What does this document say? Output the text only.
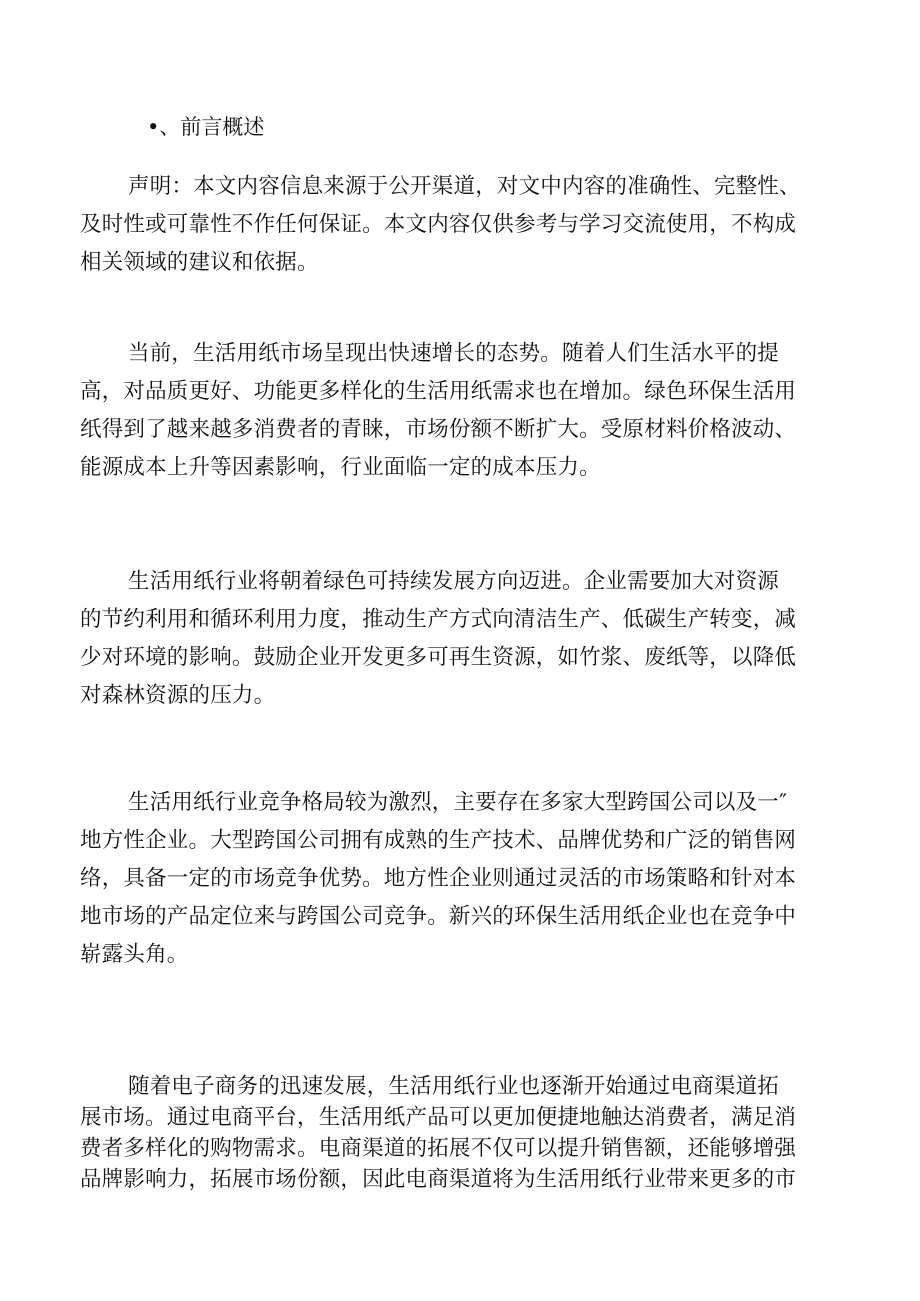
•、前言概述
声明：本文内容信息来源于公开渠道，对文中内容的准确性、完整性、
及时性或可靠性不作任何保证。本文内容仅供参考与学习交流使用，不构成
相关领域的建议和依据。
当前，生活用纸市场呈现出快速增长的态势。随着人们生活水平的提
高，对品质更好、功能更多样化的生活用纸需求也在增加。绿色环保生活用
纸得到了越来越多消费者的青睐，市场份额不断扩大。受原材料价格波动、
能源成本上升等因素影响，行业面临一定的成本压力。
生活用纸行业将朝着绿色可持续发展方向迈进。企业需要加大对资源
的节约利用和循环利用力度，推动生产方式向清洁生产、低碳生产转变，减
少对环境的影响。鼓励企业开发更多可再生资源，如竹浆、废纸等，以降低
对森林资源的压力。
生活用纸行业竞争格局较为激烈，主要存在多家大型跨国公司以及一″
地方性企业。大型跨国公司拥有成熟的生产技术、品牌优势和广泛的销售网
络，具备一定的市场竞争优势。地方性企业则通过灵活的市场策略和针对本
地市场的产品定位来与跨国公司竞争。新兴的环保生活用纸企业也在竞争中
崭露头角。
随着电子商务的迅速发展，生活用纸行业也逐渐开始通过电商渠道拓
展市场。通过电商平台，生活用纸产品可以更加便捷地触达消费者，满足消
费者多样化的购物需求。电商渠道的拓展不仅可以提升销售额，还能够增强
品牌影响力，拓展市场份额，因此电商渠道将为生活用纸行业带来更多的市
